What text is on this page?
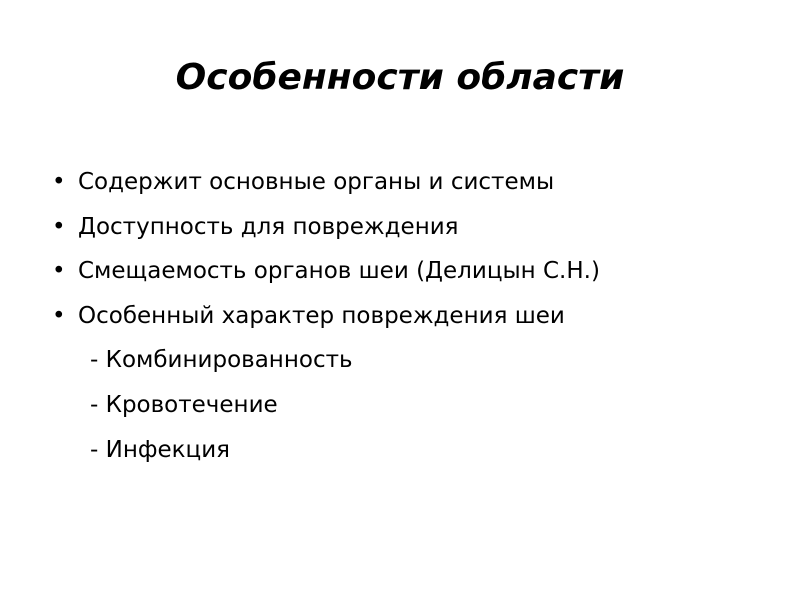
Особенности области
• Содержит основные органы и системы
• Доступность для повреждения
• Смещаемость органов шеи (Делицын С.Н.)
• Особенный характер повреждения шеи
- Комбинированность
- Кровотечение
- Инфекция
